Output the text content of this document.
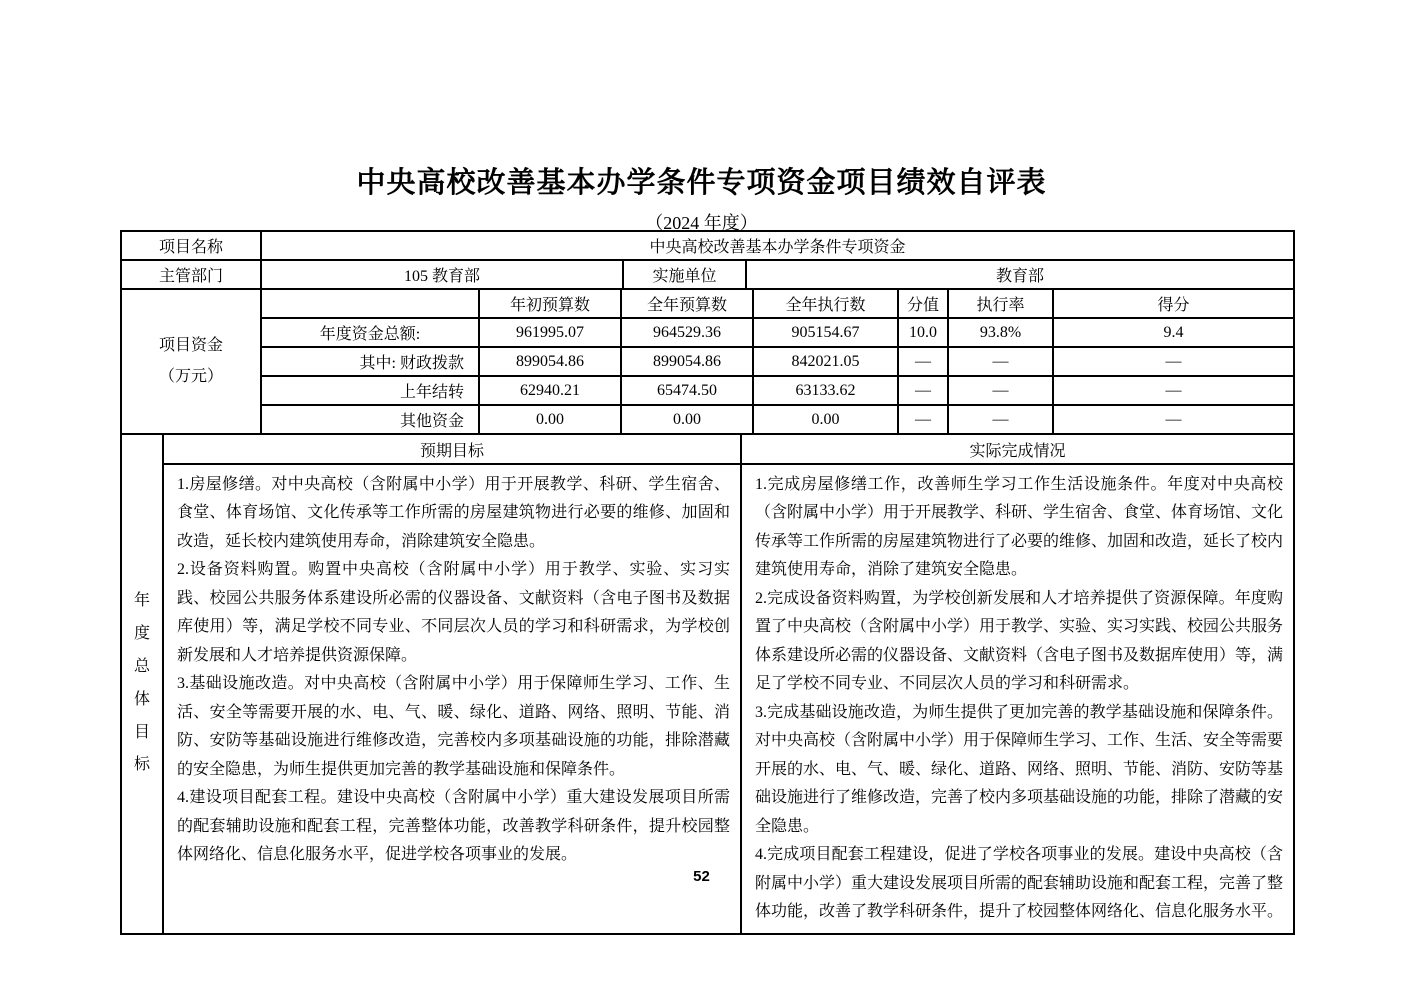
中央高校改善基本办学条件专项资金项目绩效自评表
（2024 年度）
项目名称	中央高校改善基本办学条件专项资金		
主管部门	105 教育部	实施单位	教育部
项目资金
（万元）		年初预算数	全年预算数	全年执行数	分值	执行率	得分
	年度资金总额:	961995.07	964529.36	905154.67	10.0	93.8%	9.4
	其中: 财政拨款	899054.86	899054.86	842021.05	—	—	—
	上年结转	62940.21	65474.50	63133.62	—	—	—
	其他资金	0.00	0.00	0.00	—	—	—
年度总体目标	预期目标	实际完成情况

1.房屋修缮。对中央高校（含附属中小学）用于开展教学、科研、学生宿舍、食堂、体育场馆、文化传承等工作所需的房屋建筑物进行必要的维修、加固和改造，延长校内建筑使用寿命，消除建筑安全隐患。

2.设备资料购置。购置中央高校（含附属中小学）用于教学、实验、实习实践、校园公共服务体系建设所必需的仪器设备、文献资料（含电子图书及数据库使用）等，满足学校不同专业、不同层次人员的学习和科研需求，为学校创新发展和人才培养提供资源保障。

3.基础设施改造。对中央高校（含附属中小学）用于保障师生学习、工作、生活、安全等需要开展的水、电、气、暖、绿化、道路、网络、照明、节能、消防、安防等基础设施进行维修改造，完善校内多项基础设施的功能，排除潜藏的安全隐患，为师生提供更加完善的教学基础设施和保障条件。

4.建设项目配套工程。建设中央高校（含附属中小学）重大建设发展项目所需的配套辅助设施和配套工程，完善整体功能，改善教学科研条件，提升校园整体网络化、信息化服务水平，促进学校各项事业的发展。

1.完成房屋修缮工作，改善师生学习工作生活设施条件。年度对中央高校（含附属中小学）用于开展教学、科研、学生宿舍、食堂、体育场馆、文化传承等工作所需的房屋建筑物进行了必要的维修、加固和改造，延长了校内建筑使用寿命，消除了建筑安全隐患。

2.完成设备资料购置，为学校创新发展和人才培养提供了资源保障。年度购置了中央高校（含附属中小学）用于教学、实验、实习实践、校园公共服务体系建设所必需的仪器设备、文献资料（含电子图书及数据库使用）等，满足了学校不同专业、不同层次人员的学习和科研需求。

3.完成基础设施改造，为师生提供了更加完善的教学基础设施和保障条件。对中央高校（含附属中小学）用于保障师生学习、工作、生活、安全等需要开展的水、电、气、暖、绿化、道路、网络、照明、节能、消防、安防等基础设施进行了维修改造，完善了校内多项基础设施的功能，排除了潜藏的安全隐患。

4.完成项目配套工程建设，促进了学校各项事业的发展。建设中央高校（含附属中小学）重大建设发展项目所需的配套辅助设施和配套工程，完善了整体功能，改善了教学科研条件，提升了校园整体网络化、信息化服务水平。

52
